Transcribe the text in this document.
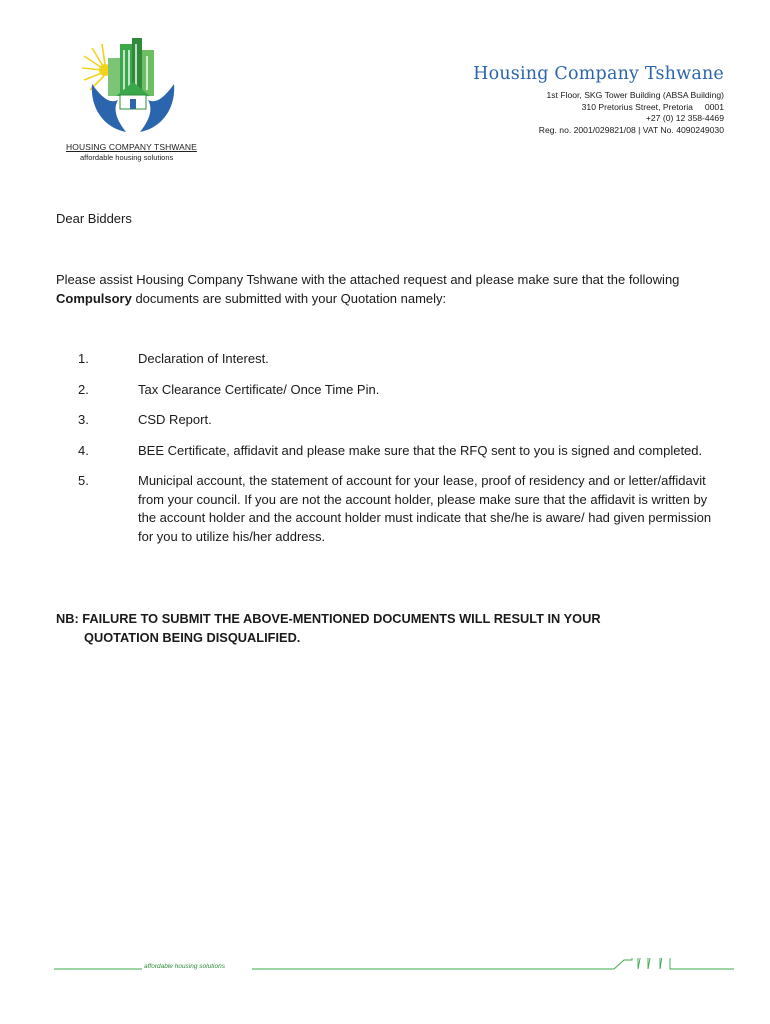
HOUSING COMPANY TSHWANE
affordable housing solutions
Housing Company Tshwane
1st Floor, SKG Tower Building (ABSA Building)
310 Pretorius Street, Pretoria     0001
+27 (0) 12 358-4469
Reg. no. 2001/029821/08 | VAT No. 4090249030
Dear Bidders
Please assist Housing Company Tshwane with the attached request and please make sure that the following Compulsory documents are submitted with your Quotation namely:
1.	Declaration of Interest.
2.	Tax Clearance Certificate/ Once Time Pin.
3.	CSD Report.
4.	BEE Certificate, affidavit and please make sure that the RFQ sent to you is signed and completed.
5.	Municipal account, the statement of account for your lease, proof of residency and or letter/affidavit from your council. If you are not the account holder, please make sure that the affidavit is written by the account holder and the account holder must indicate that she/he is aware/ had given permission for you to utilize his/her address.
NB: FAILURE TO SUBMIT THE ABOVE-MENTIONED DOCUMENTS WILL RESULT IN YOUR
QUOTATION BEING DISQUALIFIED.
affordable housing solutions
